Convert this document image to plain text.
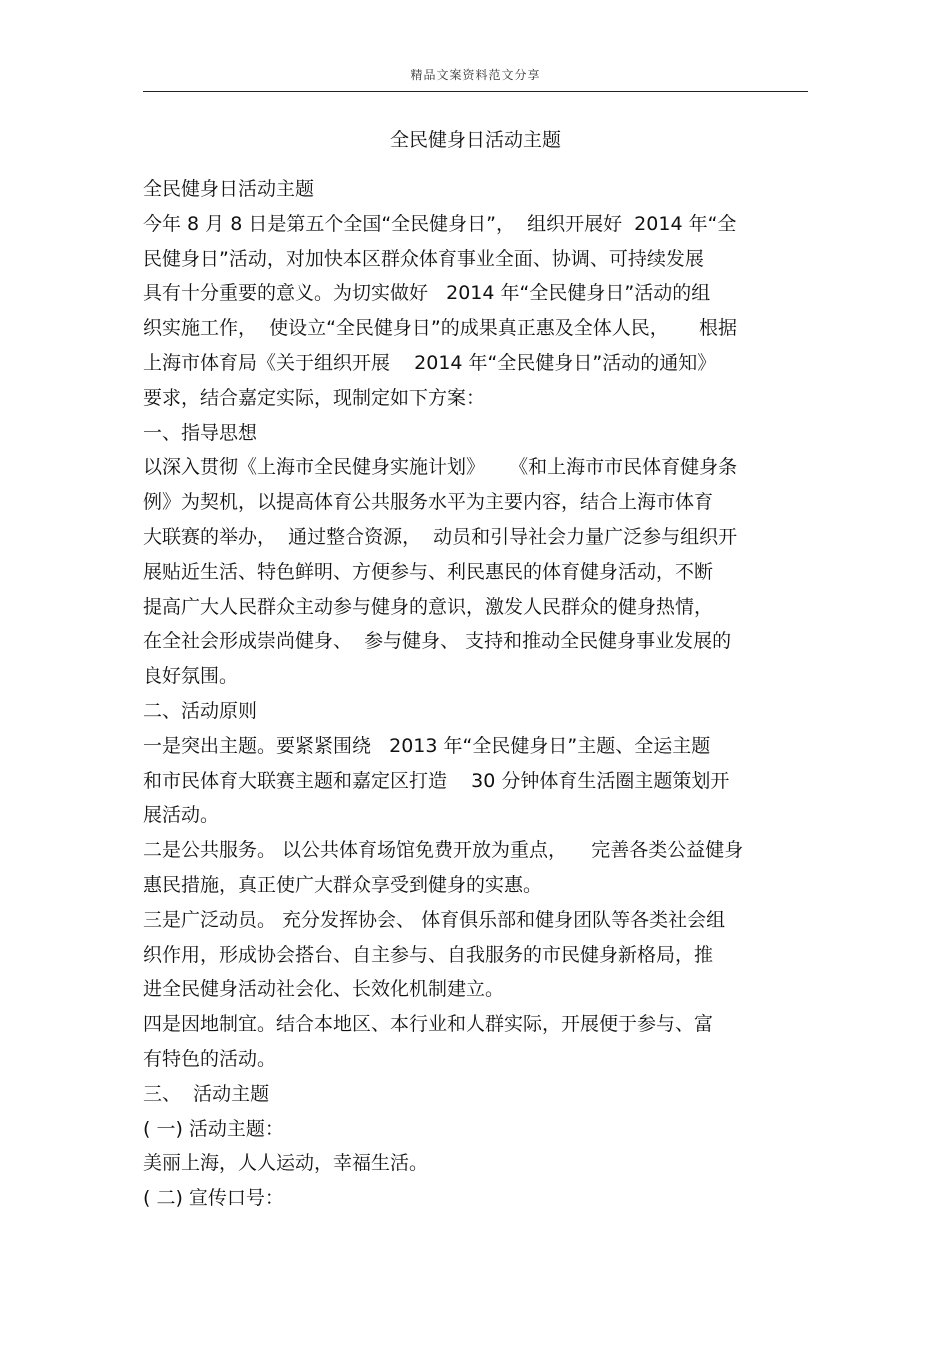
精品文案资料范文分享
全民健身日活动主题
全民健身日活动主题
今年 8 月 8 日是第五个全国“全民健身日”，  组织开展好  2014 年“全
民健身日”活动，对加快本区群众体育事业全面、协调、可持续发展
具有十分重要的意义。为切实做好   2014 年“全民健身日”活动的组
织实施工作，  使设立“全民健身日”的成果真正惠及全体人民，     根据
上海市体育局《关于组织开展    2014 年“全民健身日”活动的通知》
要求，结合嘉定实际，现制定如下方案：
一、指导思想
以深入贯彻《上海市全民健身实施计划》    《和上海市市民体育健身条
例》为契机，以提高体育公共服务水平为主要内容，结合上海市体育
大联赛的举办，  通过整合资源，  动员和引导社会力量广泛参与组织开
展贴近生活、特色鲜明、方便参与、利民惠民的体育健身活动，不断
提高广大人民群众主动参与健身的意识，激发人民群众的健身热情，
在全社会形成崇尚健身、  参与健身、 支持和推动全民健身事业发展的
良好氛围。
二、活动原则
一是突出主题。要紧紧围绕   2013 年“全民健身日”主题、全运主题
和市民体育大联赛主题和嘉定区打造    30 分钟体育生活圈主题策划开
展活动。
二是公共服务。 以公共体育场馆免费开放为重点，    完善各类公益健身
惠民措施，真正使广大群众享受到健身的实惠。
三是广泛动员。 充分发挥协会、 体育俱乐部和健身团队等各类社会组
织作用，形成协会搭台、自主参与、自我服务的市民健身新格局，推
进全民健身活动社会化、长效化机制建立。
四是因地制宜。结合本地区、本行业和人群实际，开展便于参与、富
有特色的活动。
三、  活动主题
( 一) 活动主题：
美丽上海，人人运动，幸福生活。
( 二) 宣传口号：
